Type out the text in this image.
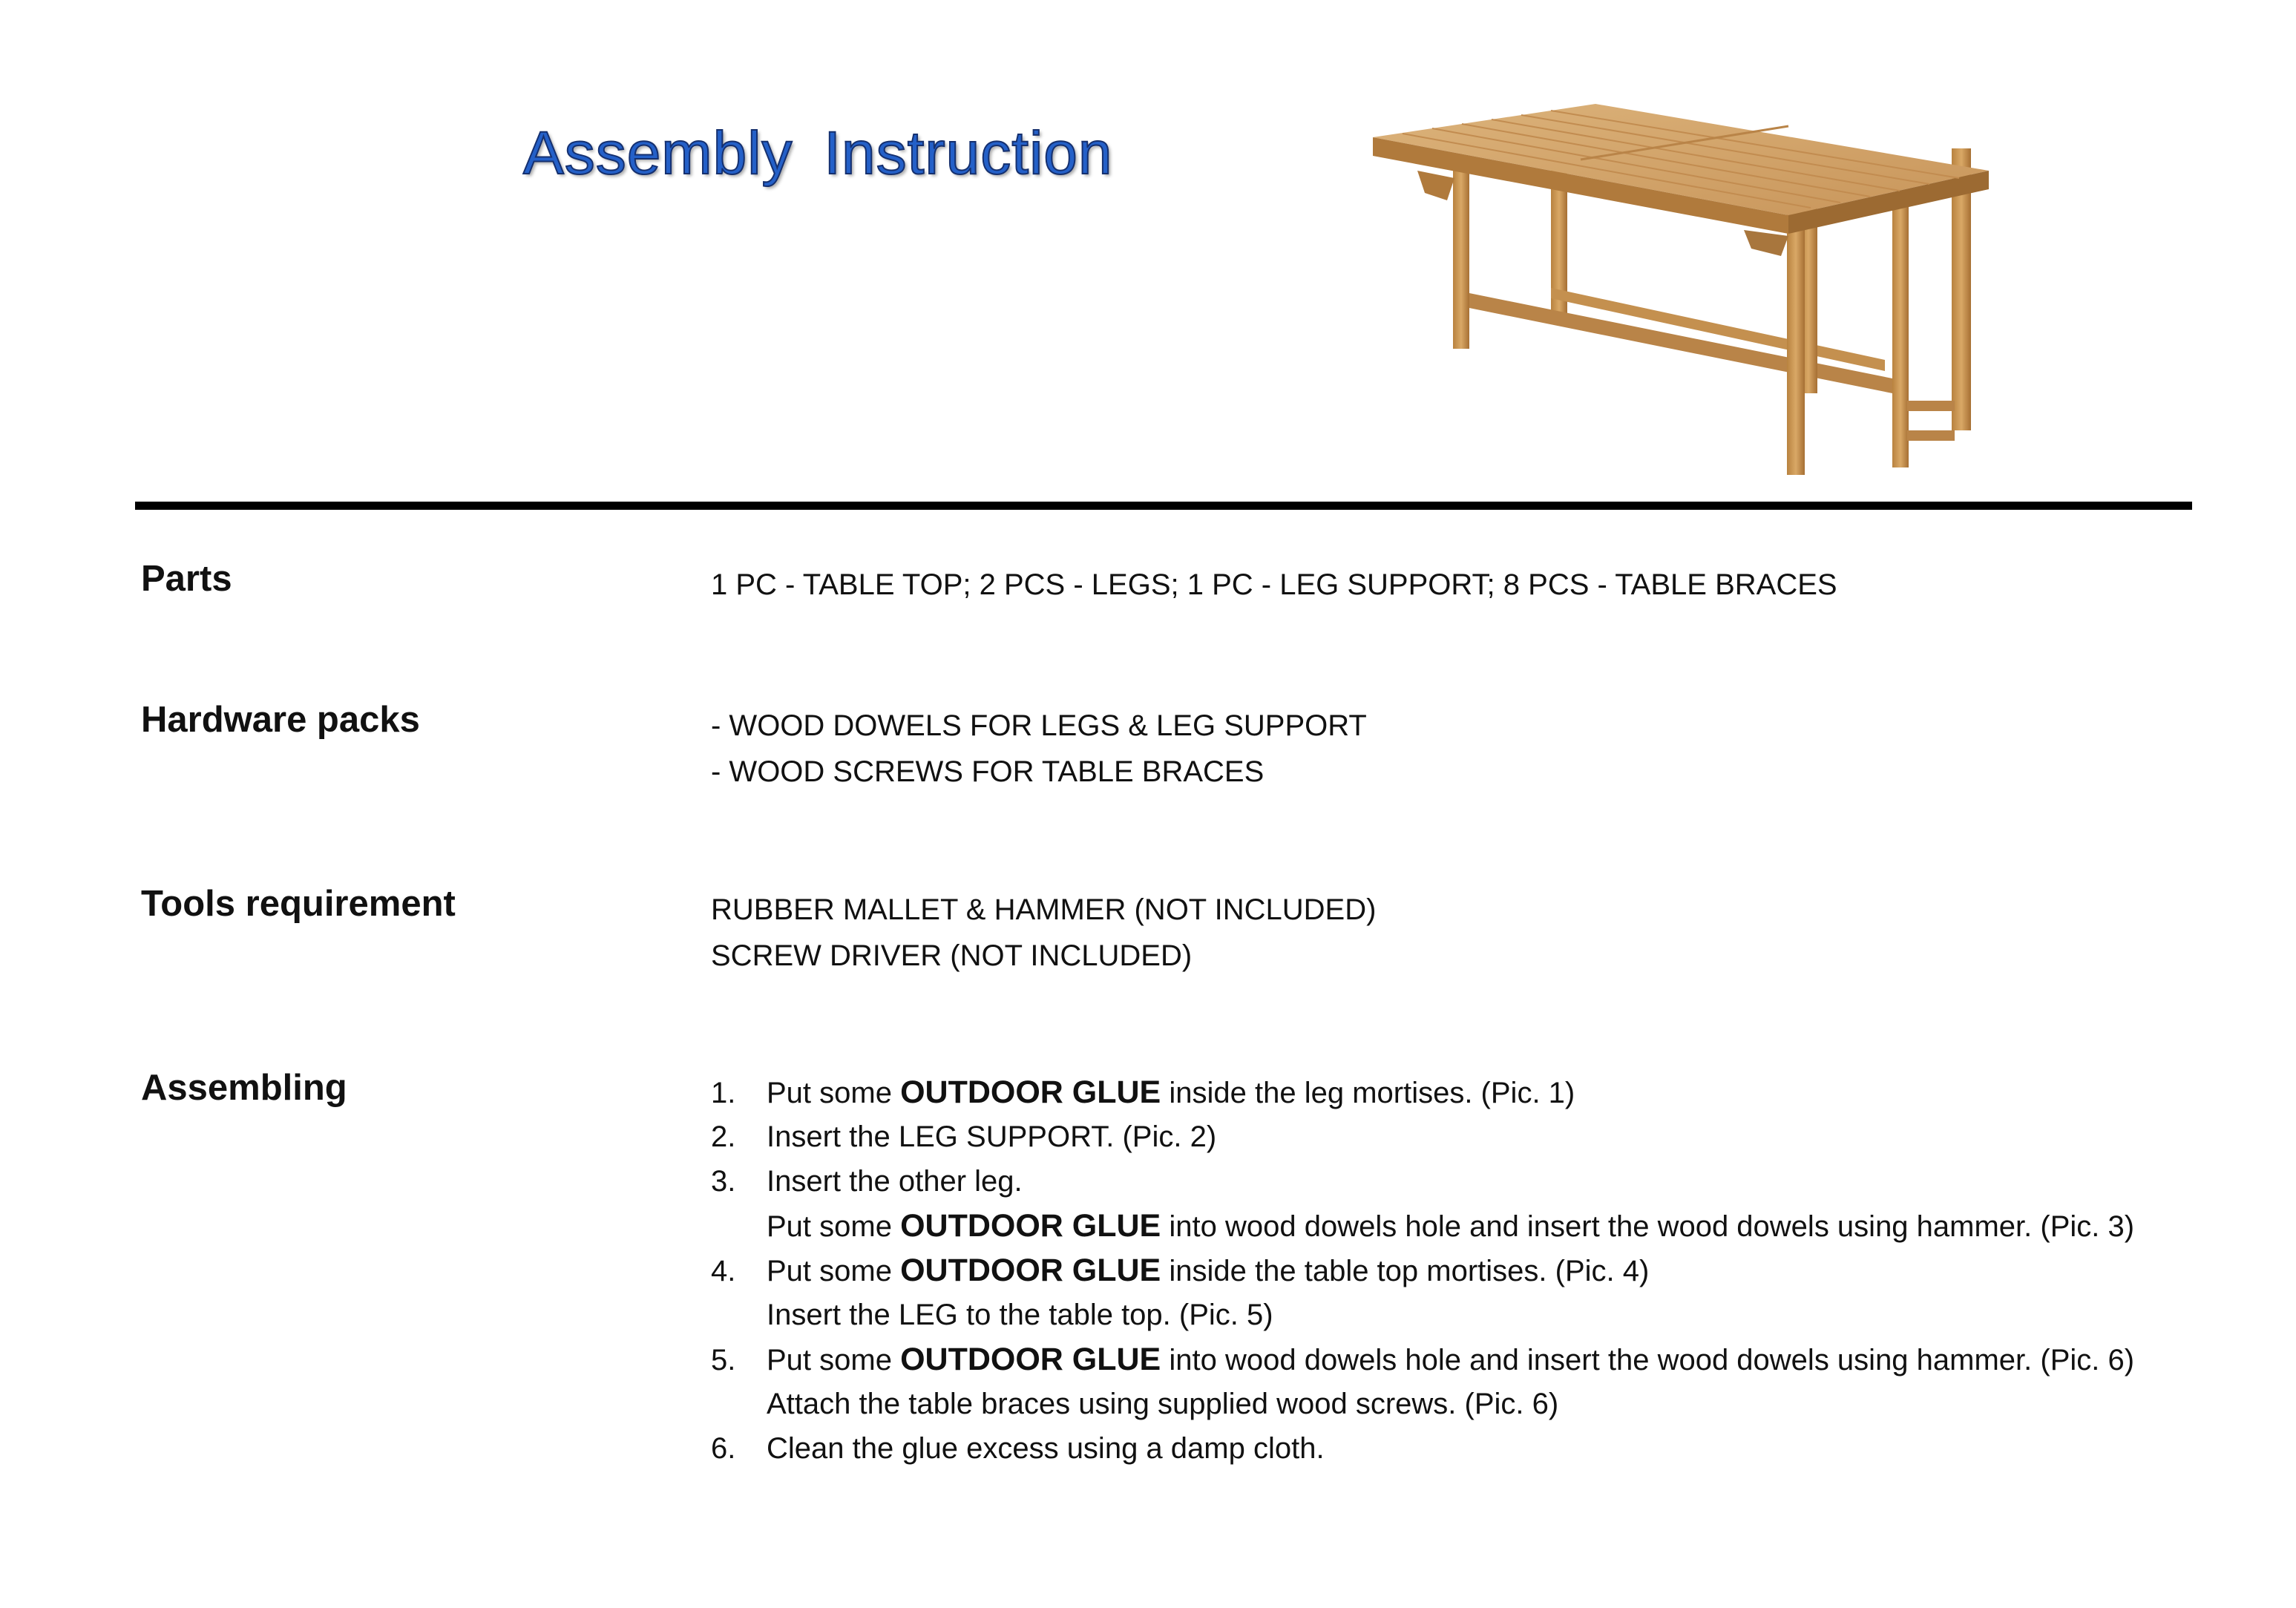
Assembly Instruction
Parts	1 PC - TABLE TOP; 2 PCS - LEGS; 1 PC - LEG SUPPORT; 8 PCS - TABLE BRACES
Hardware packs	- WOOD DOWELS FOR LEGS & LEG SUPPORT
- WOOD SCREWS FOR TABLE BRACES
Tools requirement	RUBBER MALLET & HAMMER (NOT INCLUDED)
SCREW DRIVER (NOT INCLUDED)
Assembling	1. Put some OUTDOOR GLUE inside the leg mortises. (Pic. 1)
2. Insert the LEG SUPPORT. (Pic. 2)
3. Insert the other leg.
Put some OUTDOOR GLUE into wood dowels hole and insert the wood dowels using hammer. (Pic. 3)
4. Put some OUTDOOR GLUE inside the table top mortises. (Pic. 4)
Insert the LEG to the table top. (Pic. 5)
5. Put some OUTDOOR GLUE into wood dowels hole and insert the wood dowels using hammer. (Pic. 6)
Attach the table braces using supplied wood screws. (Pic. 6)
6. Clean the glue excess using a damp cloth.
